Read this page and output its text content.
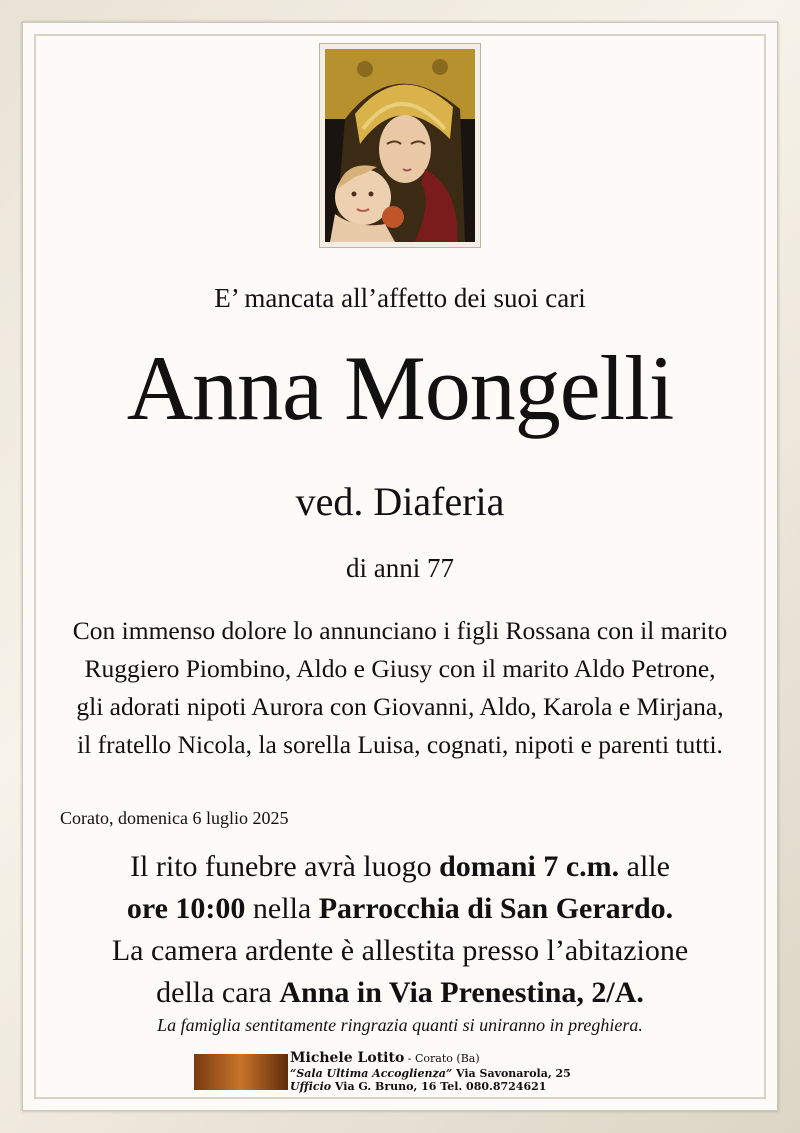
E’ mancata all’affetto dei suoi cari
Anna Mongelli
ved. Diaferia
di anni 77
Con immenso dolore lo annunciano i figli Rossana con il marito
Ruggiero Piombino, Aldo e Giusy con il marito Aldo Petrone,
gli adorati nipoti Aurora con Giovanni, Aldo, Karola e Mirjana,
il fratello Nicola, la sorella Luisa, cognati, nipoti e parenti tutti.
Corato, domenica 6 luglio 2025
Il rito funebre avrà luogo domani 7 c.m. alle
ore 10:00 nella Parrocchia di San Gerardo.
La camera ardente è allestita presso l’abitazione
della cara Anna in Via Prenestina, 2/A.
La famiglia sentitamente ringrazia quanti si uniranno in preghiera.
Michele Lotito - Corato (Ba)
“Sala Ultima Accoglienza” Via Savonarola, 25
Ufficio Via G. Bruno, 16 Tel. 080.8724621
